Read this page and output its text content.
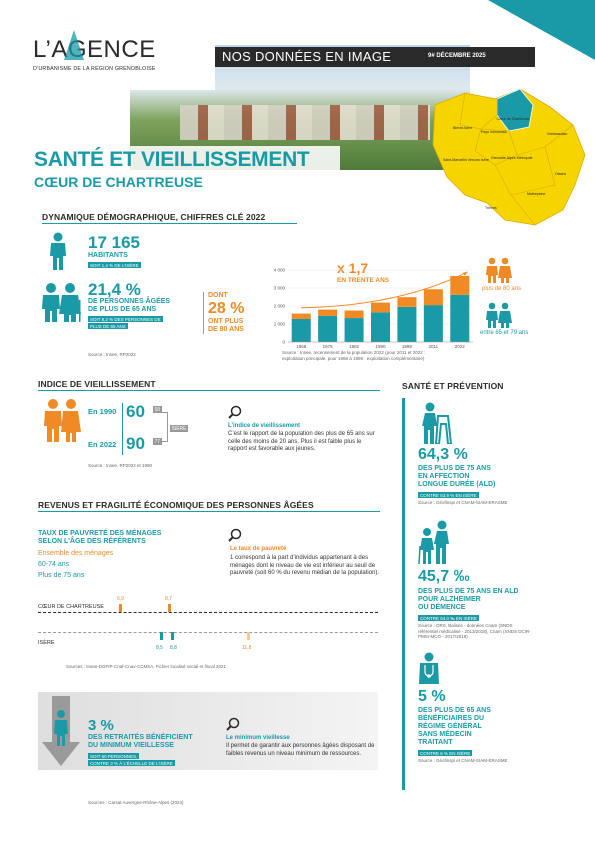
L’AGENCE
D’URBANISME DE LA RÉGION GRENOBLOISE
NOS DONNÉES EN IMAGE	9# DÉCEMBRE 2025
SANTÉ ET VIEILLISSEMENT
CŒUR DE CHARTREUSE
Cœur de Chartreuse
Bièvre-Isère
Pays Voironnais
Saint-Marcellin Vercors Isère Grenoble Alpes Métropole
Grésivaudan
Oisans
Matheysine
Trièves
DYNAMIQUE DÉMOGRAPHIQUE, CHIFFRES CLÉ 2022
17 165
HABITANTS
SOIT 1,4 % DE L’ISÈRE
21,4 %
DE PERSONNES ÂGÉES
DE PLUS DE 65 ANS
SOIT 8,2 % DES PERSONNES DE
PLUS DE 65 ANS
DONT
28 %
ONT PLUS
DE 80 ANS
Source : Insee, RP2022
x 1,7
EN TRENTE ANS
0
1 000
2 000
3 000
4 000
1968	1975	1982	1990	1999	2011	2022
plus de 80 ans
entre 65 et 79 ans
Source : Insee, recensement de la population 2022 (pour 2011 et 2022 :
exploitation principale, pour 1968 à 1999 : exploitation complémentaire)
INDICE DE VIEILLISSEMENT
En 1990 60	58
En 2022 90	77
ISÈRE
Source : Insee, RP2022 et 1990
L’indice de vieillissement
C’est le rapport de la population des plus de 65 ans sur celle des moins de 20 ans. Plus il est faible plus le rapport est favorable aux jeunes.
REVENUS ET FRAGILITÉ ÉCONOMIQUE DES PERSONNES ÂGÉES
TAUX DE PAUVRETÉ DES MÉNAGES
SELON L’ÂGE DES RÉFÉRENTS
Ensemble des ménages
60-74 ans
Plus de 75 ans
CŒUR DE CHARTREUSE
ISÈRE
6,9	8,7
8,5 8,8	11,8
Le taux de pauvreté
1 correspond à la part d’individus appartenant à des ménages dont le niveau de vie est inférieur au seuil de pauvreté (soit 60 % du revenu médian de la population).
Sources : Insee-DGFIP-Cnaf-Cnav-CCMSA, Fichier localisé social et fiscal 2021
3 %
DES RETRAITÉS BÉNÉFICIENT
DU MINIMUM VIEILLESSE
SOIT 60 PERSONNES,
CONTRE 3 % À L’ÉCHELLE DE L’ISÈRE
Le minimum vieillesse
Il permet de garantir aux personnes âgées disposant de faibles revenus un niveau minimum de ressources.
Sources : Carsat Auvergne-Rhône-Alpes (2024)
SANTÉ ET PRÉVENTION
64,3 %
DES PLUS DE 75 ANS
EN AFFECTION
LONGUE DURÉE (ALD)
CONTRE 63,9 % EN ISÈRE
Source : Géoﬁnspi et CNAM-SIAM-ERASME
45,7 ‰
DES PLUS DE 75 ANS EN ALD
POUR ALZHEIMER
OU DÉMENCE
CONTRE 54,0 ‰ EN ISÈRE
Source : ORS, Balises - données Cnam (SNDS référentiel médicalisé - 2013/2018), Cnam (SNDS DCIR-PMSI-MCO - 2017/2018)
5 %
DES PLUS DE 65 ANS
BÉNÉFICIAIRES DU
RÉGIME GÉNÉRAL
SANS MÉDECIN
TRAITANT
CONTRE 6 % EN ISÈRE
Source : Géoﬁnspi et CNAM-SIAM-ERASME
